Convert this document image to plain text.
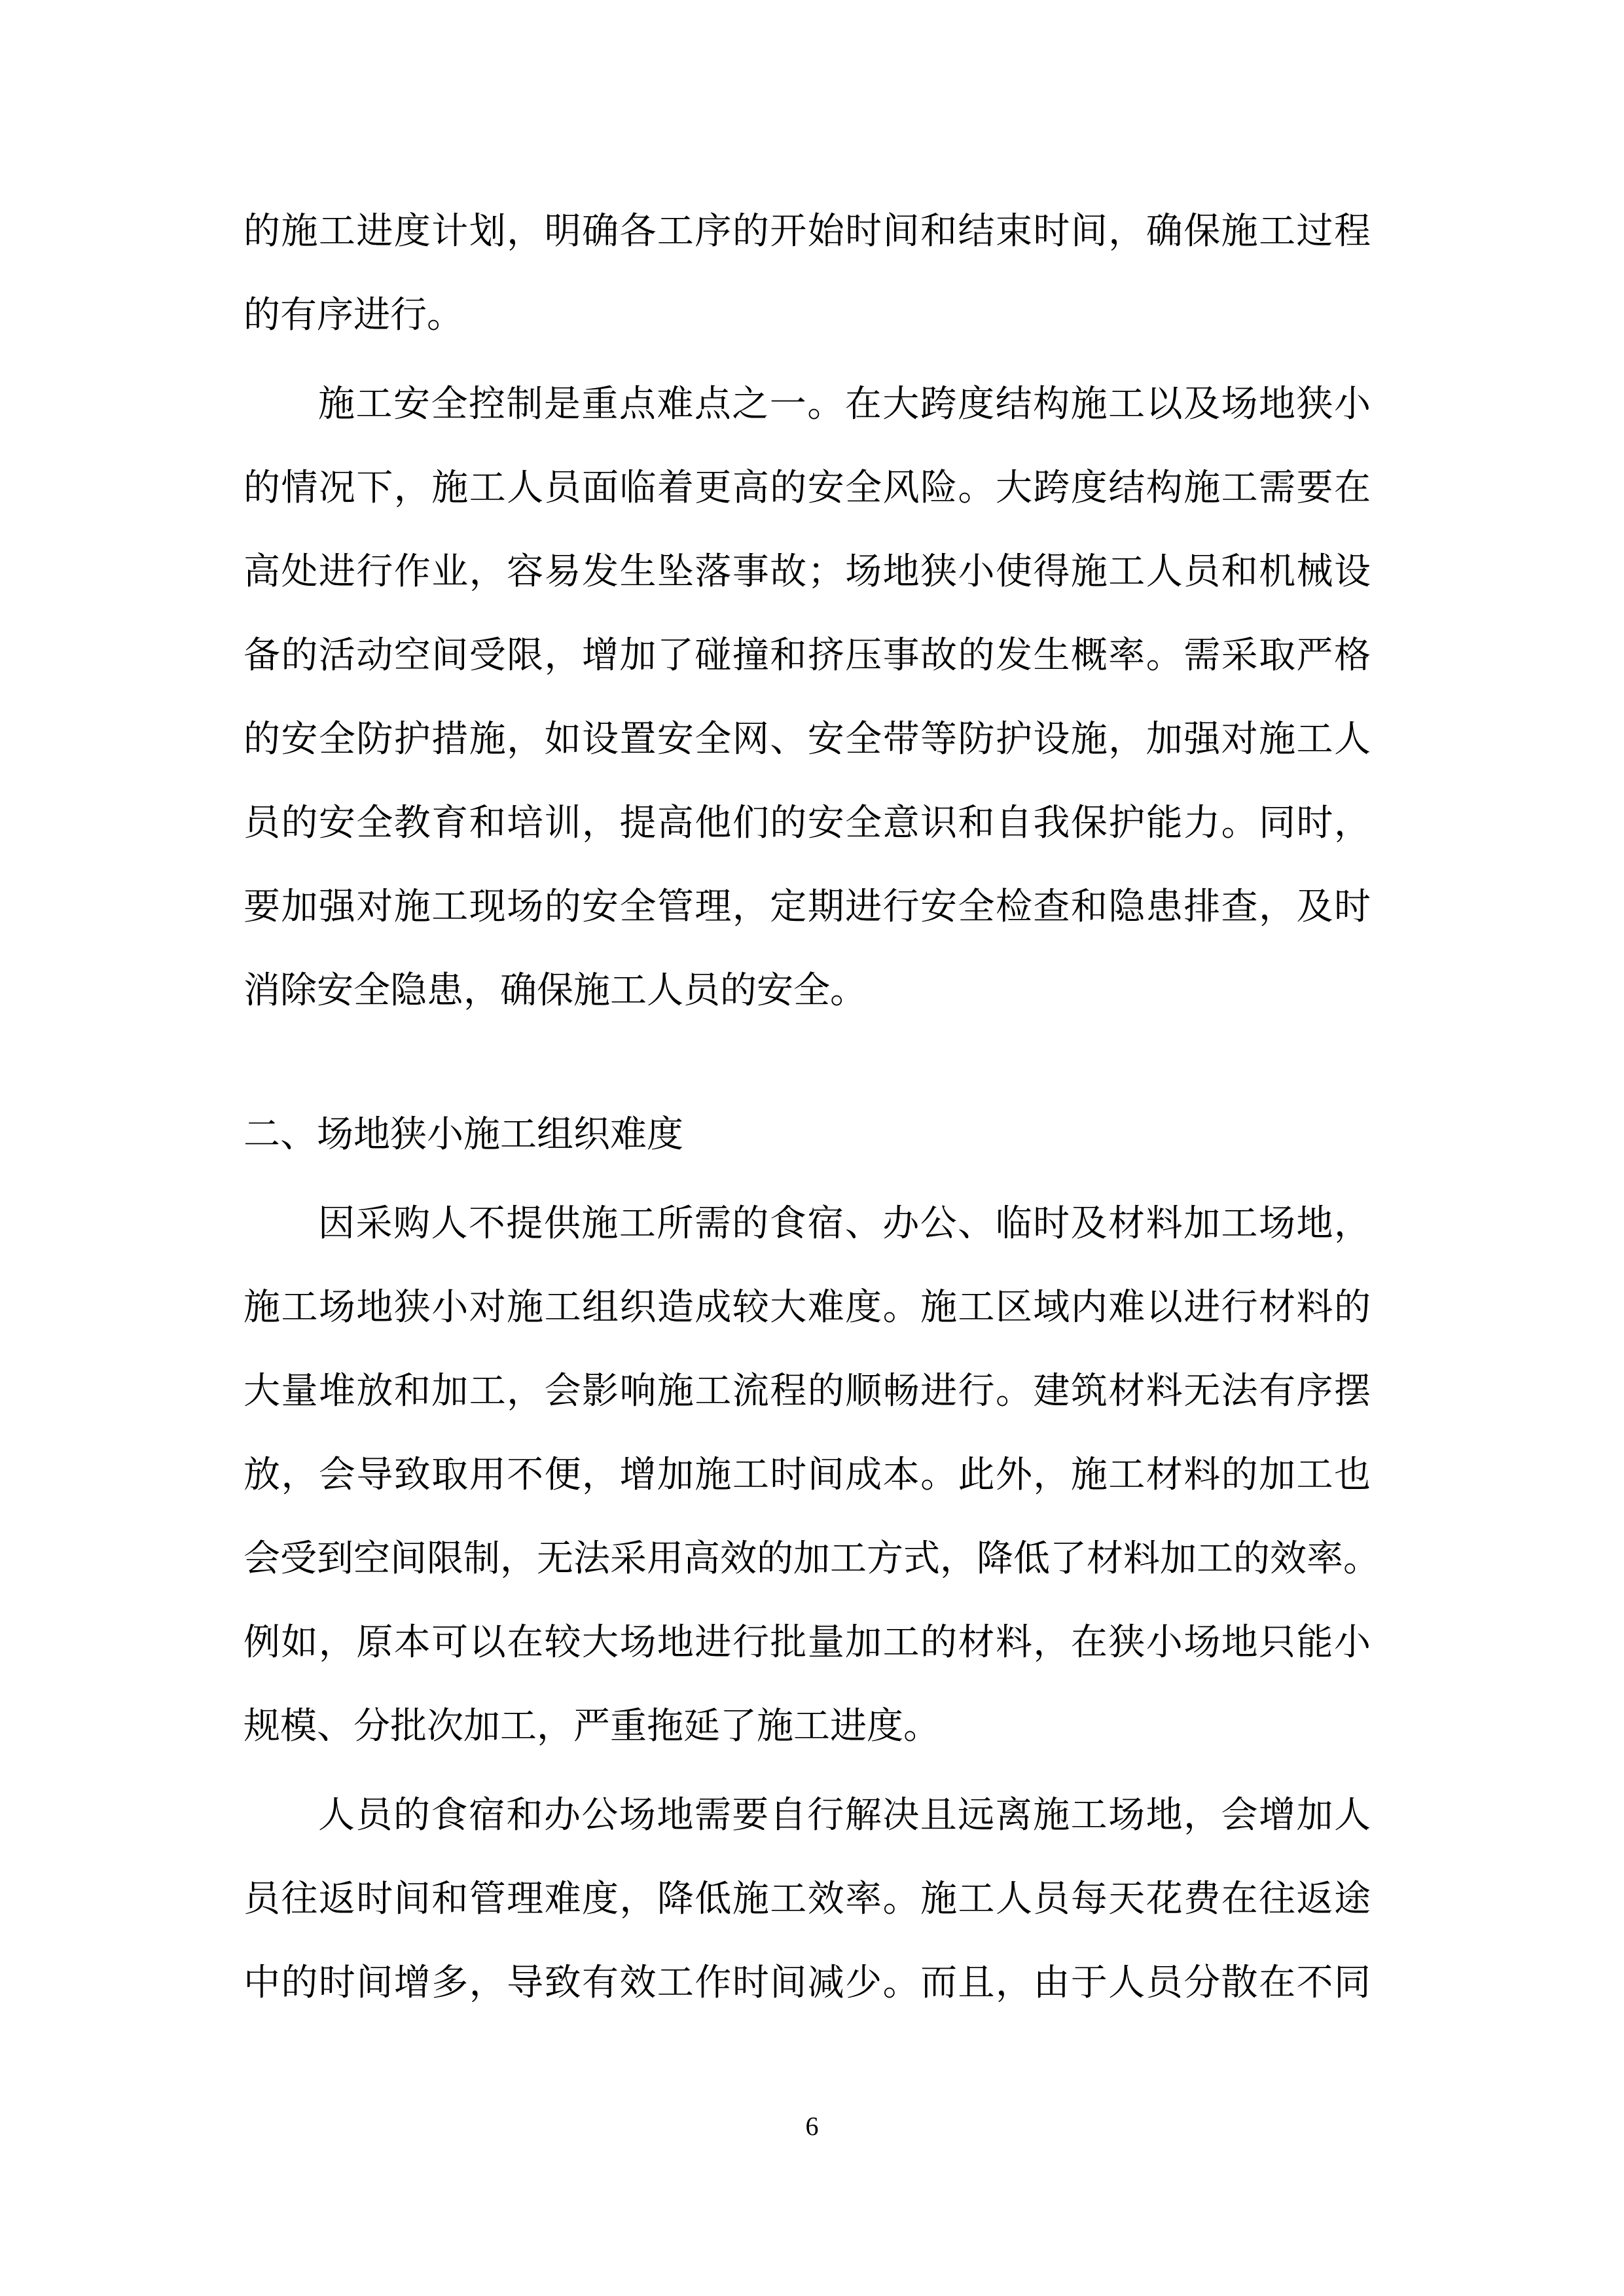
的施工进度计划，明确各工序的开始时间和结束时间，确保施工过程
的有序进行。
施工安全控制是重点难点之一。在大跨度结构施工以及场地狭小
的情况下，施工人员面临着更高的安全风险。大跨度结构施工需要在
高处进行作业，容易发生坠落事故；场地狭小使得施工人员和机械设
备的活动空间受限，增加了碰撞和挤压事故的发生概率。需采取严格
的安全防护措施，如设置安全网、安全带等防护设施，加强对施工人
员的安全教育和培训，提高他们的安全意识和自我保护能力。同时，
要加强对施工现场的安全管理，定期进行安全检查和隐患排查，及时
消除安全隐患，确保施工人员的安全。
二、场地狭小施工组织难度
因采购人不提供施工所需的食宿、办公、临时及材料加工场地，
施工场地狭小对施工组织造成较大难度。施工区域内难以进行材料的
大量堆放和加工，会影响施工流程的顺畅进行。建筑材料无法有序摆
放，会导致取用不便，增加施工时间成本。此外，施工材料的加工也
会受到空间限制，无法采用高效的加工方式，降低了材料加工的效率。
例如，原本可以在较大场地进行批量加工的材料，在狭小场地只能小
规模、分批次加工，严重拖延了施工进度。
人员的食宿和办公场地需要自行解决且远离施工场地，会增加人
员往返时间和管理难度，降低施工效率。施工人员每天花费在往返途
中的时间增多，导致有效工作时间减少。而且，由于人员分散在不同
6
